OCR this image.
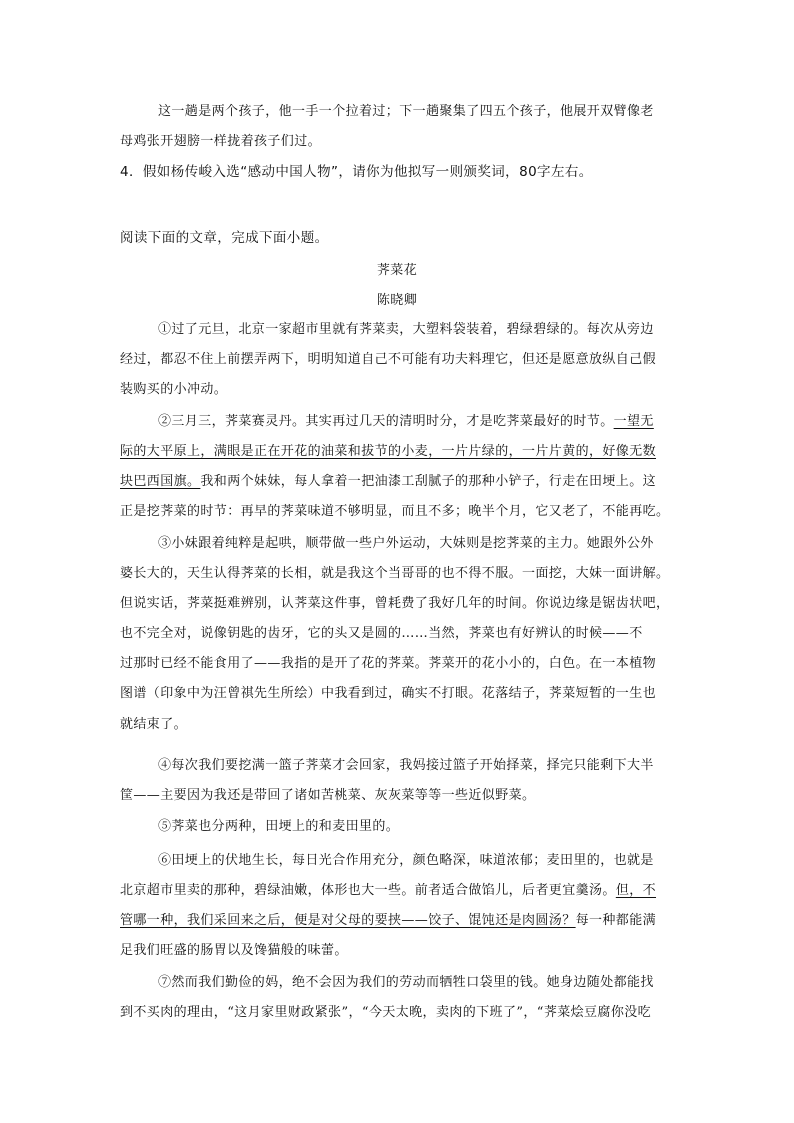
这一趟是两个孩子，他一手一个拉着过；下一趟聚集了四五个孩子，他展开双臂像老
母鸡张开翅膀一样拢着孩子们过。
4．假如杨传峻入选“感动中国人物”，请你为他拟写一则颁奖词，80字左右。
阅读下面的文章，完成下面小题。
荠菜花
陈晓卿
①过了元旦，北京一家超市里就有荠菜卖，大塑料袋装着，碧绿碧绿的。每次从旁边
经过，都忍不住上前摆弄两下，明明知道自己不可能有功夫料理它，但还是愿意放纵自己假
装购买的小冲动。
②三月三，荠菜赛灵丹。其实再过几天的清明时分，才是吃荠菜最好的时节。一望无
际的大平原上，满眼是正在开花的油菜和拔节的小麦，一片片绿的，一片片黄的，好像无数
块巴西国旗。我和两个妹妹，每人拿着一把油漆工刮腻子的那种小铲子，行走在田埂上。这
正是挖荠菜的时节：再早的荠菜味道不够明显，而且不多；晚半个月，它又老了，不能再吃。
③小妹跟着纯粹是起哄，顺带做一些户外运动，大妹则是挖荠菜的主力。她跟外公外
婆长大的，天生认得荠菜的长相，就是我这个当哥哥的也不得不服。一面挖，大妹一面讲解。
但说实话，荠菜挺难辨别，认荠菜这件事，曾耗费了我好几年的时间。你说边缘是锯齿状吧，
也不完全对，说像钥匙的齿牙，它的头又是圆的……当然，荠菜也有好辨认的时候——不
过那时已经不能食用了——我指的是开了花的荠菜。荠菜开的花小小的，白色。在一本植物
图谱（印象中为汪曾祺先生所绘）中我看到过，确实不打眼。花落结子，荠菜短暂的一生也
就结束了。
④每次我们要挖满一篮子荠菜才会回家，我妈接过篮子开始择菜，择完只能剩下大半
筐——主要因为我还是带回了诸如苦桃菜、灰灰菜等等一些近似野菜。
⑤荠菜也分两种，田埂上的和麦田里的。
⑥田埂上的伏地生长，每日光合作用充分，颜色略深，味道浓郁；麦田里的，也就是
北京超市里卖的那种，碧绿油嫩，体形也大一些。前者适合做馅儿，后者更宜羹汤。但，不
管哪一种，我们采回来之后，便是对父母的要挟——饺子、馄饨还是肉圆汤？每一种都能满
足我们旺盛的肠胃以及馋猫般的味蕾。
⑦然而我们勤俭的妈，绝不会因为我们的劳动而牺牲口袋里的钱。她身边随处都能找
到不买肉的理由，“这月家里财政紧张”，“今天太晚，卖肉的下班了”，“荠菜烩豆腐你没吃
